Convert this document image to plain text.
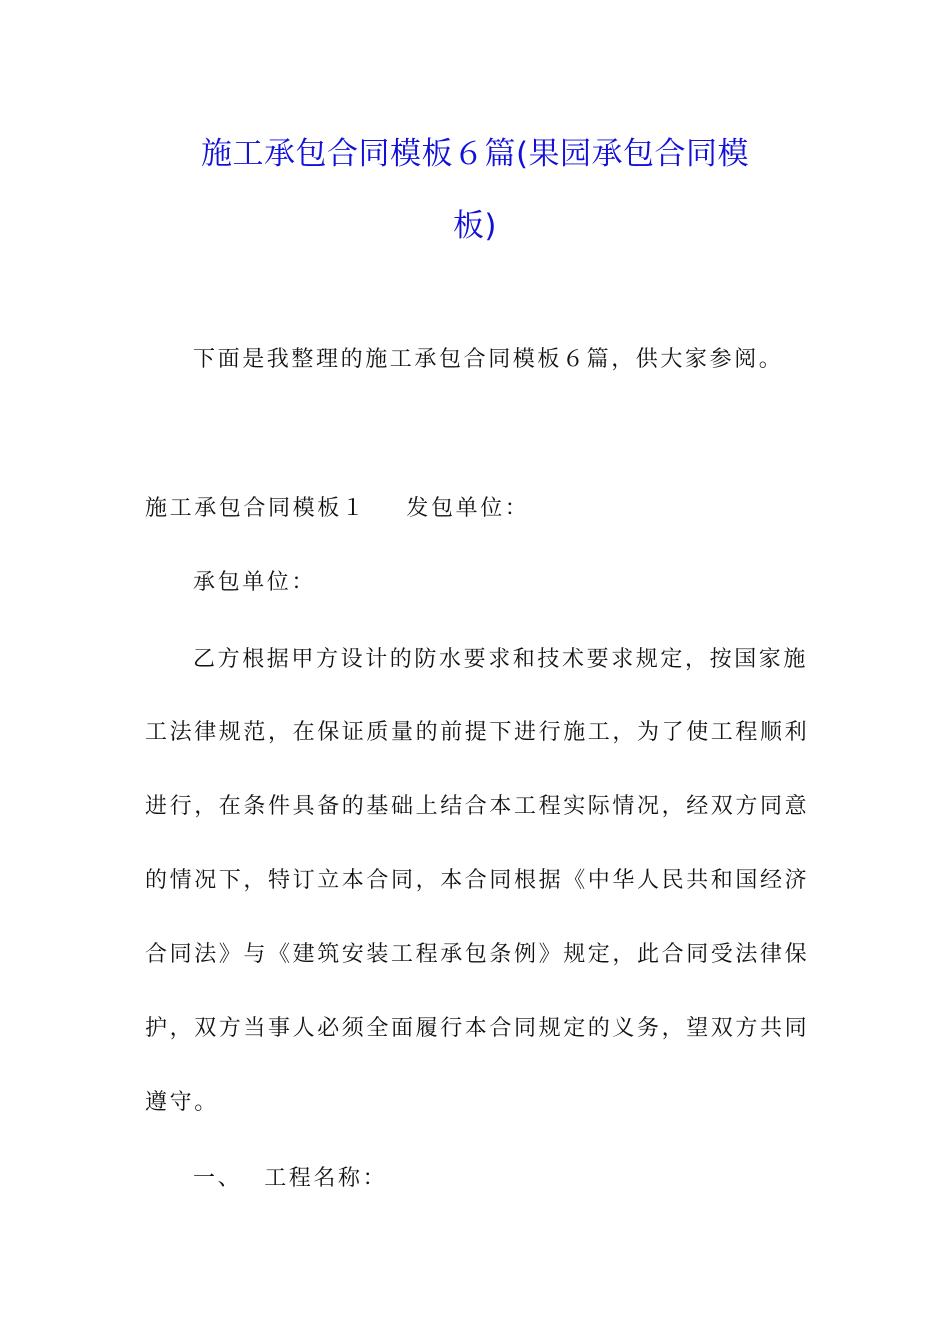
施工承包合同模板６篇(果园承包合同模
板)
下面是我整理的施工承包合同模板６篇，供大家参阅。
施工承包合同模板１ 发包单位：
承包单位：
乙方根据甲方设计的防水要求和技术要求规定，按国家施
工法律规范，在保证质量的前提下进行施工，为了使工程顺利
进行，在条件具备的基础上结合本工程实际情况，经双方同意
的情况下，特订立本合同，本合同根据《中华人民共和国经济
合同法》与《建筑安装工程承包条例》规定，此合同受法律保
护，双方当事人必须全面履行本合同规定的义务，望双方共同
遵守。
一、 工程名称：
